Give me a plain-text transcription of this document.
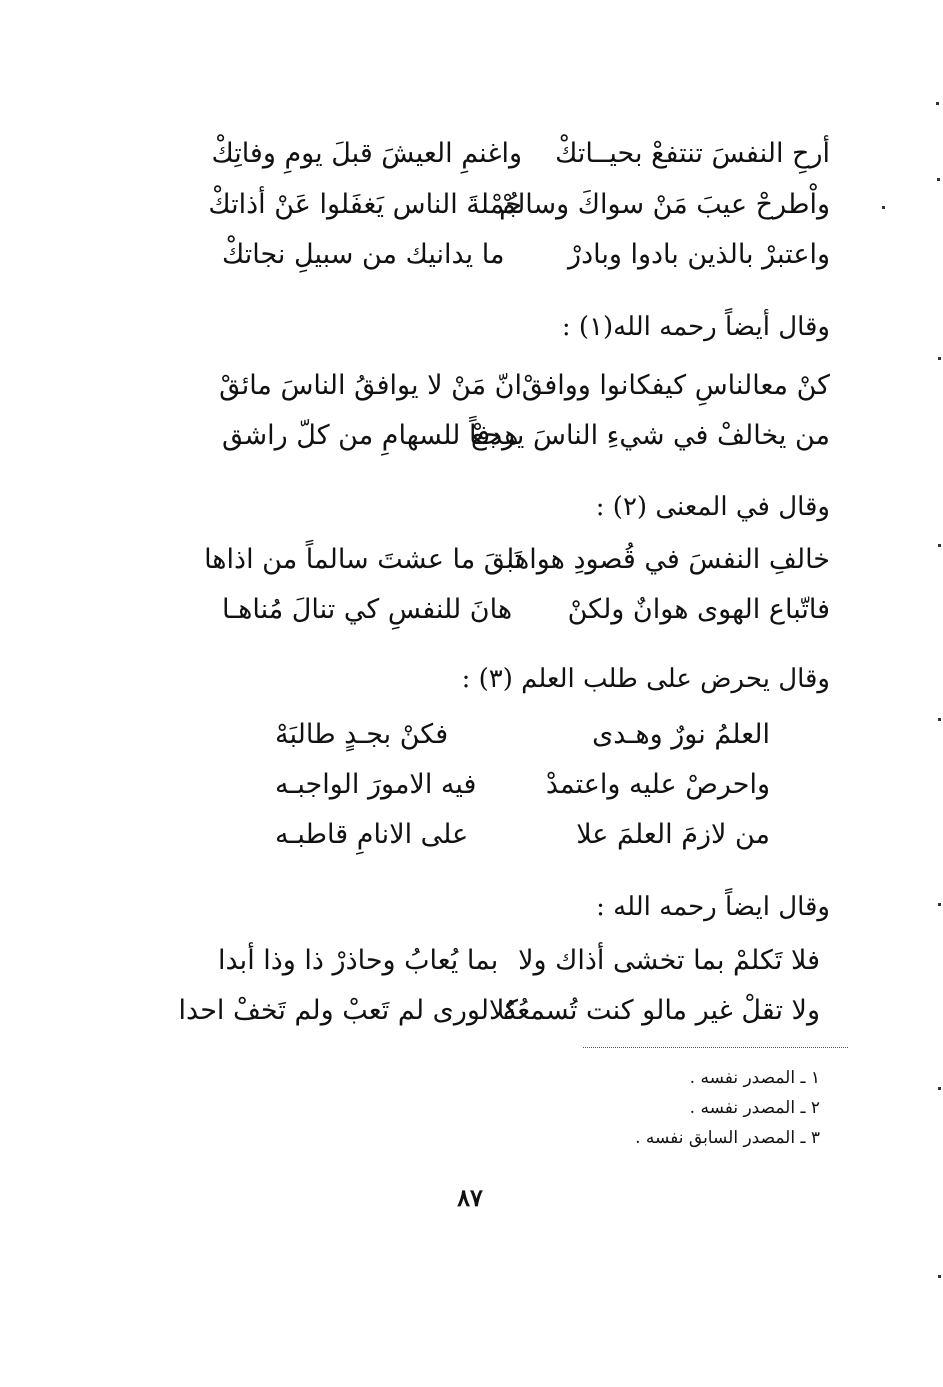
أرحِ النفسَ تنتفعْ بحيــاتكْ
واغنمِ العيشَ قبلَ يومِ وفاتِكْ
واْطرحْ عيبَ مَنْ سواكَ وسالمْ
جُمْلةَ الناس يَغفَلوا عَنْ أذاتكْ
واعتبرْ بالذين بادوا وبادرْ
ما يدانيك من سبيلِ نجاتكْ
وقال أيضاً رحمه الله(١) :
كنْ معالناسِ كيفكانوا ووافقْ
انّ مَنْ لا يوافقُ الناسَ مائقْ
من يخالفْ في شيءِ الناسَ يرجعْ
هدفاً للسهامِ من كلّ راشق
وقال في المعنى (٢) :
خالفِ النفسَ في قُصودِ هواها
تَبقَ ما عشتَ سالماً من اذاها
فاتّباع الهوى هوانٌ ولكنْ
هانَ للنفسِ كي تنالَ مُناهـا
وقال يحرض على طلب العلم (٣) :
العلمُ نورٌ وهـدى
فكنْ بجـدٍ طالبَهْ
واحرصْ عليه واعتمدْ
فيه الامورَ الواجبـه
من لازمَ العلمَ علا
على الانامِ قاطبـه
وقال ايضاً رحمه الله :
فلا تَكلمْ بما تخشى أذاك ولا
بما يُعابُ وحاذرْ ذا وذا أبدا
ولا تقلْ غير مالو كنت تُسمعُهُ
كلالورى لم تَعبْ ولم تَخفْ احدا
١ ـ المصدر نفسه .
٢ ـ المصدر نفسه .
٣ ـ المصدر السابق نفسه .
٨٧
